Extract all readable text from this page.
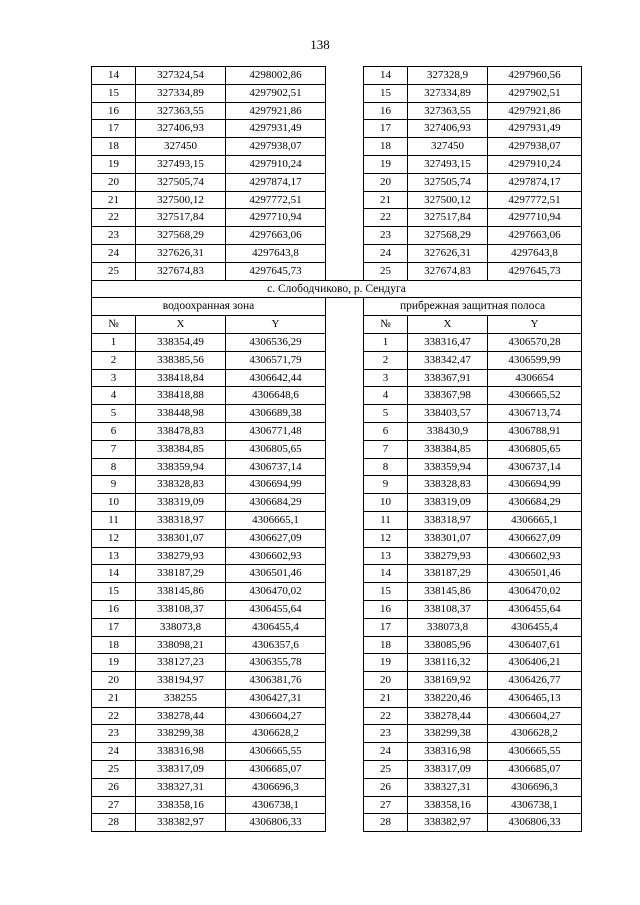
138
14	327324,54	4298002,86		14	327328,9	4297960,56
15	327334,89	4297902,51		15	327334,89	4297902,51
16	327363,55	4297921,86		16	327363,55	4297921,86
17	327406,93	4297931,49		17	327406,93	4297931,49
18	327450	4297938,07		18	327450	4297938,07
19	327493,15	4297910,24		19	327493,15	4297910,24
20	327505,74	4297874,17		20	327505,74	4297874,17
21	327500,12	4297772,51		21	327500,12	4297772,51
22	327517,84	4297710,94		22	327517,84	4297710,94
23	327568,29	4297663,06		23	327568,29	4297663,06
24	327626,31	4297643,8		24	327626,31	4297643,8
25	327674,83	4297645,73		25	327674,83	4297645,73
с. Слободчиково, р. Сендуга						
водоохранная зона				прибрежная защитная полоса		
№	X	Y		№	X	Y
1	338354,49	4306536,29		1	338316,47	4306570,28
2	338385,56	4306571,79		2	338342,47	4306599,99
3	338418,84	4306642,44		3	338367,91	4306654
4	338418,88	4306648,6		4	338367,98	4306665,52
5	338448,98	4306689,38		5	338403,57	4306713,74
6	338478,83	4306771,48		6	338430,9	4306788,91
7	338384,85	4306805,65		7	338384,85	4306805,65
8	338359,94	4306737,14		8	338359,94	4306737,14
9	338328,83	4306694,99		9	338328,83	4306694,99
10	338319,09	4306684,29		10	338319,09	4306684,29
11	338318,97	4306665,1		11	338318,97	4306665,1
12	338301,07	4306627,09		12	338301,07	4306627,09
13	338279,93	4306602,93		13	338279,93	4306602,93
14	338187,29	4306501,46		14	338187,29	4306501,46
15	338145,86	4306470,02		15	338145,86	4306470,02
16	338108,37	4306455,64		16	338108,37	4306455,64
17	338073,8	4306455,4		17	338073,8	4306455,4
18	338098,21	4306357,6		18	338085,96	4306407,61
19	338127,23	4306355,78		19	338116,32	4306406,21
20	338194,97	4306381,76		20	338169,92	4306426,77
21	338255	4306427,31		21	338220,46	4306465,13
22	338278,44	4306604,27		22	338278,44	4306604,27
23	338299,38	4306628,2		23	338299,38	4306628,2
24	338316,98	4306665,55		24	338316,98	4306665,55
25	338317,09	4306685,07		25	338317,09	4306685,07
26	338327,31	4306696,3		26	338327,31	4306696,3
27	338358,16	4306738,1		27	338358,16	4306738,1
28	338382,97	4306806,33		28	338382,97	4306806,33
